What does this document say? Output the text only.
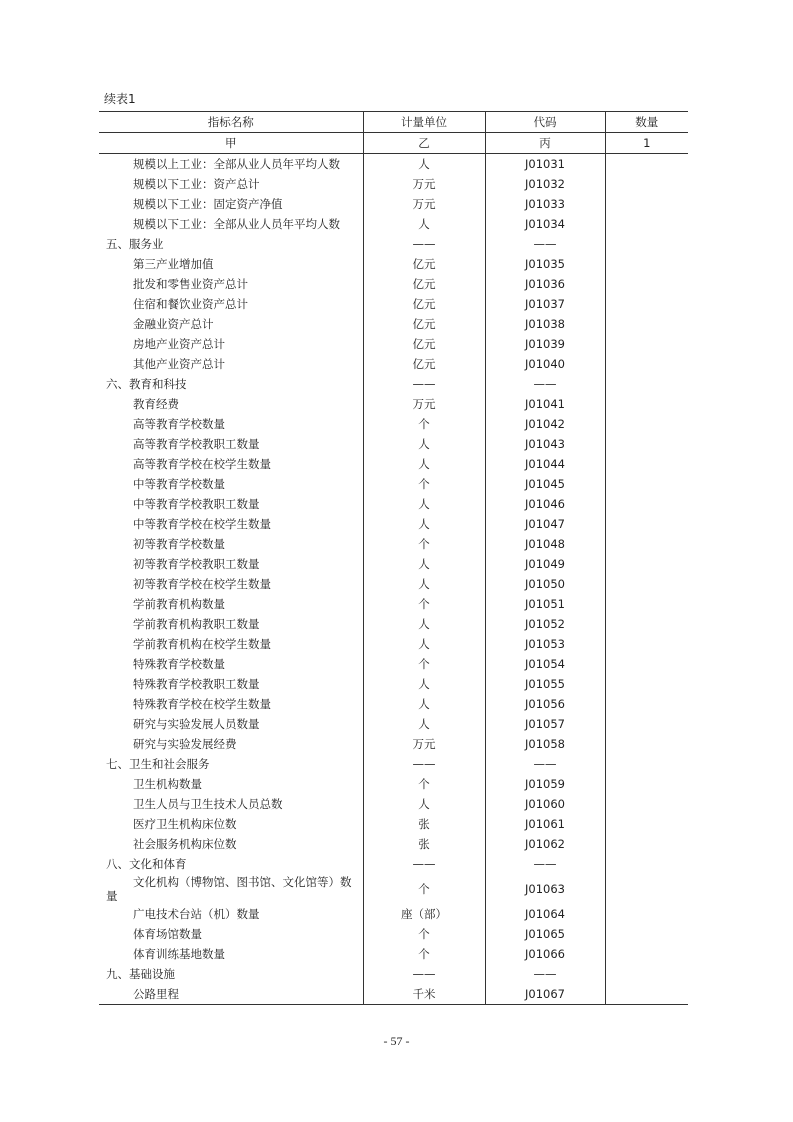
续表1
指标名称	计量单位	代码	数量
甲	乙	丙	1
规模以上工业：全部从业人员年平均人数	人	J01031	
规模以下工业：资产总计	万元	J01032	
规模以下工业：固定资产净值	万元	J01033	
规模以下工业：全部从业人员年平均人数	人	J01034	
五、服务业	——	——	
第三产业增加值	亿元	J01035	
批发和零售业资产总计	亿元	J01036	
住宿和餐饮业资产总计	亿元	J01037	
金融业资产总计	亿元	J01038	
房地产业资产总计	亿元	J01039	
其他产业资产总计	亿元	J01040	
六、教育和科技	——	——	
教育经费	万元	J01041	
高等教育学校数量	个	J01042	
高等教育学校教职工数量	人	J01043	
高等教育学校在校学生数量	人	J01044	
中等教育学校数量	个	J01045	
中等教育学校教职工数量	人	J01046	
中等教育学校在校学生数量	人	J01047	
初等教育学校数量	个	J01048	
初等教育学校教职工数量	人	J01049	
初等教育学校在校学生数量	人	J01050	
学前教育机构数量	个	J01051	
学前教育机构教职工数量	人	J01052	
学前教育机构在校学生数量	人	J01053	
特殊教育学校数量	个	J01054	
特殊教育学校教职工数量	人	J01055	
特殊教育学校在校学生数量	人	J01056	
研究与实验发展人员数量	人	J01057	
研究与实验发展经费	万元	J01058	
七、卫生和社会服务	——	——	
卫生机构数量	个	J01059	
卫生人员与卫生技术人员总数	人	J01060	
医疗卫生机构床位数	张	J01061	
社会服务机构床位数	张	J01062	
八、文化和体育	——	——	
文化机构（博物馆、图书馆、文化馆等）数量	个	J01063	
广电技术台站（机）数量	座（部）	J01064	
体育场馆数量	个	J01065	
体育训练基地数量	个	J01066	
九、基础设施	——	——	
公路里程	千米	J01067	
- 57 -
